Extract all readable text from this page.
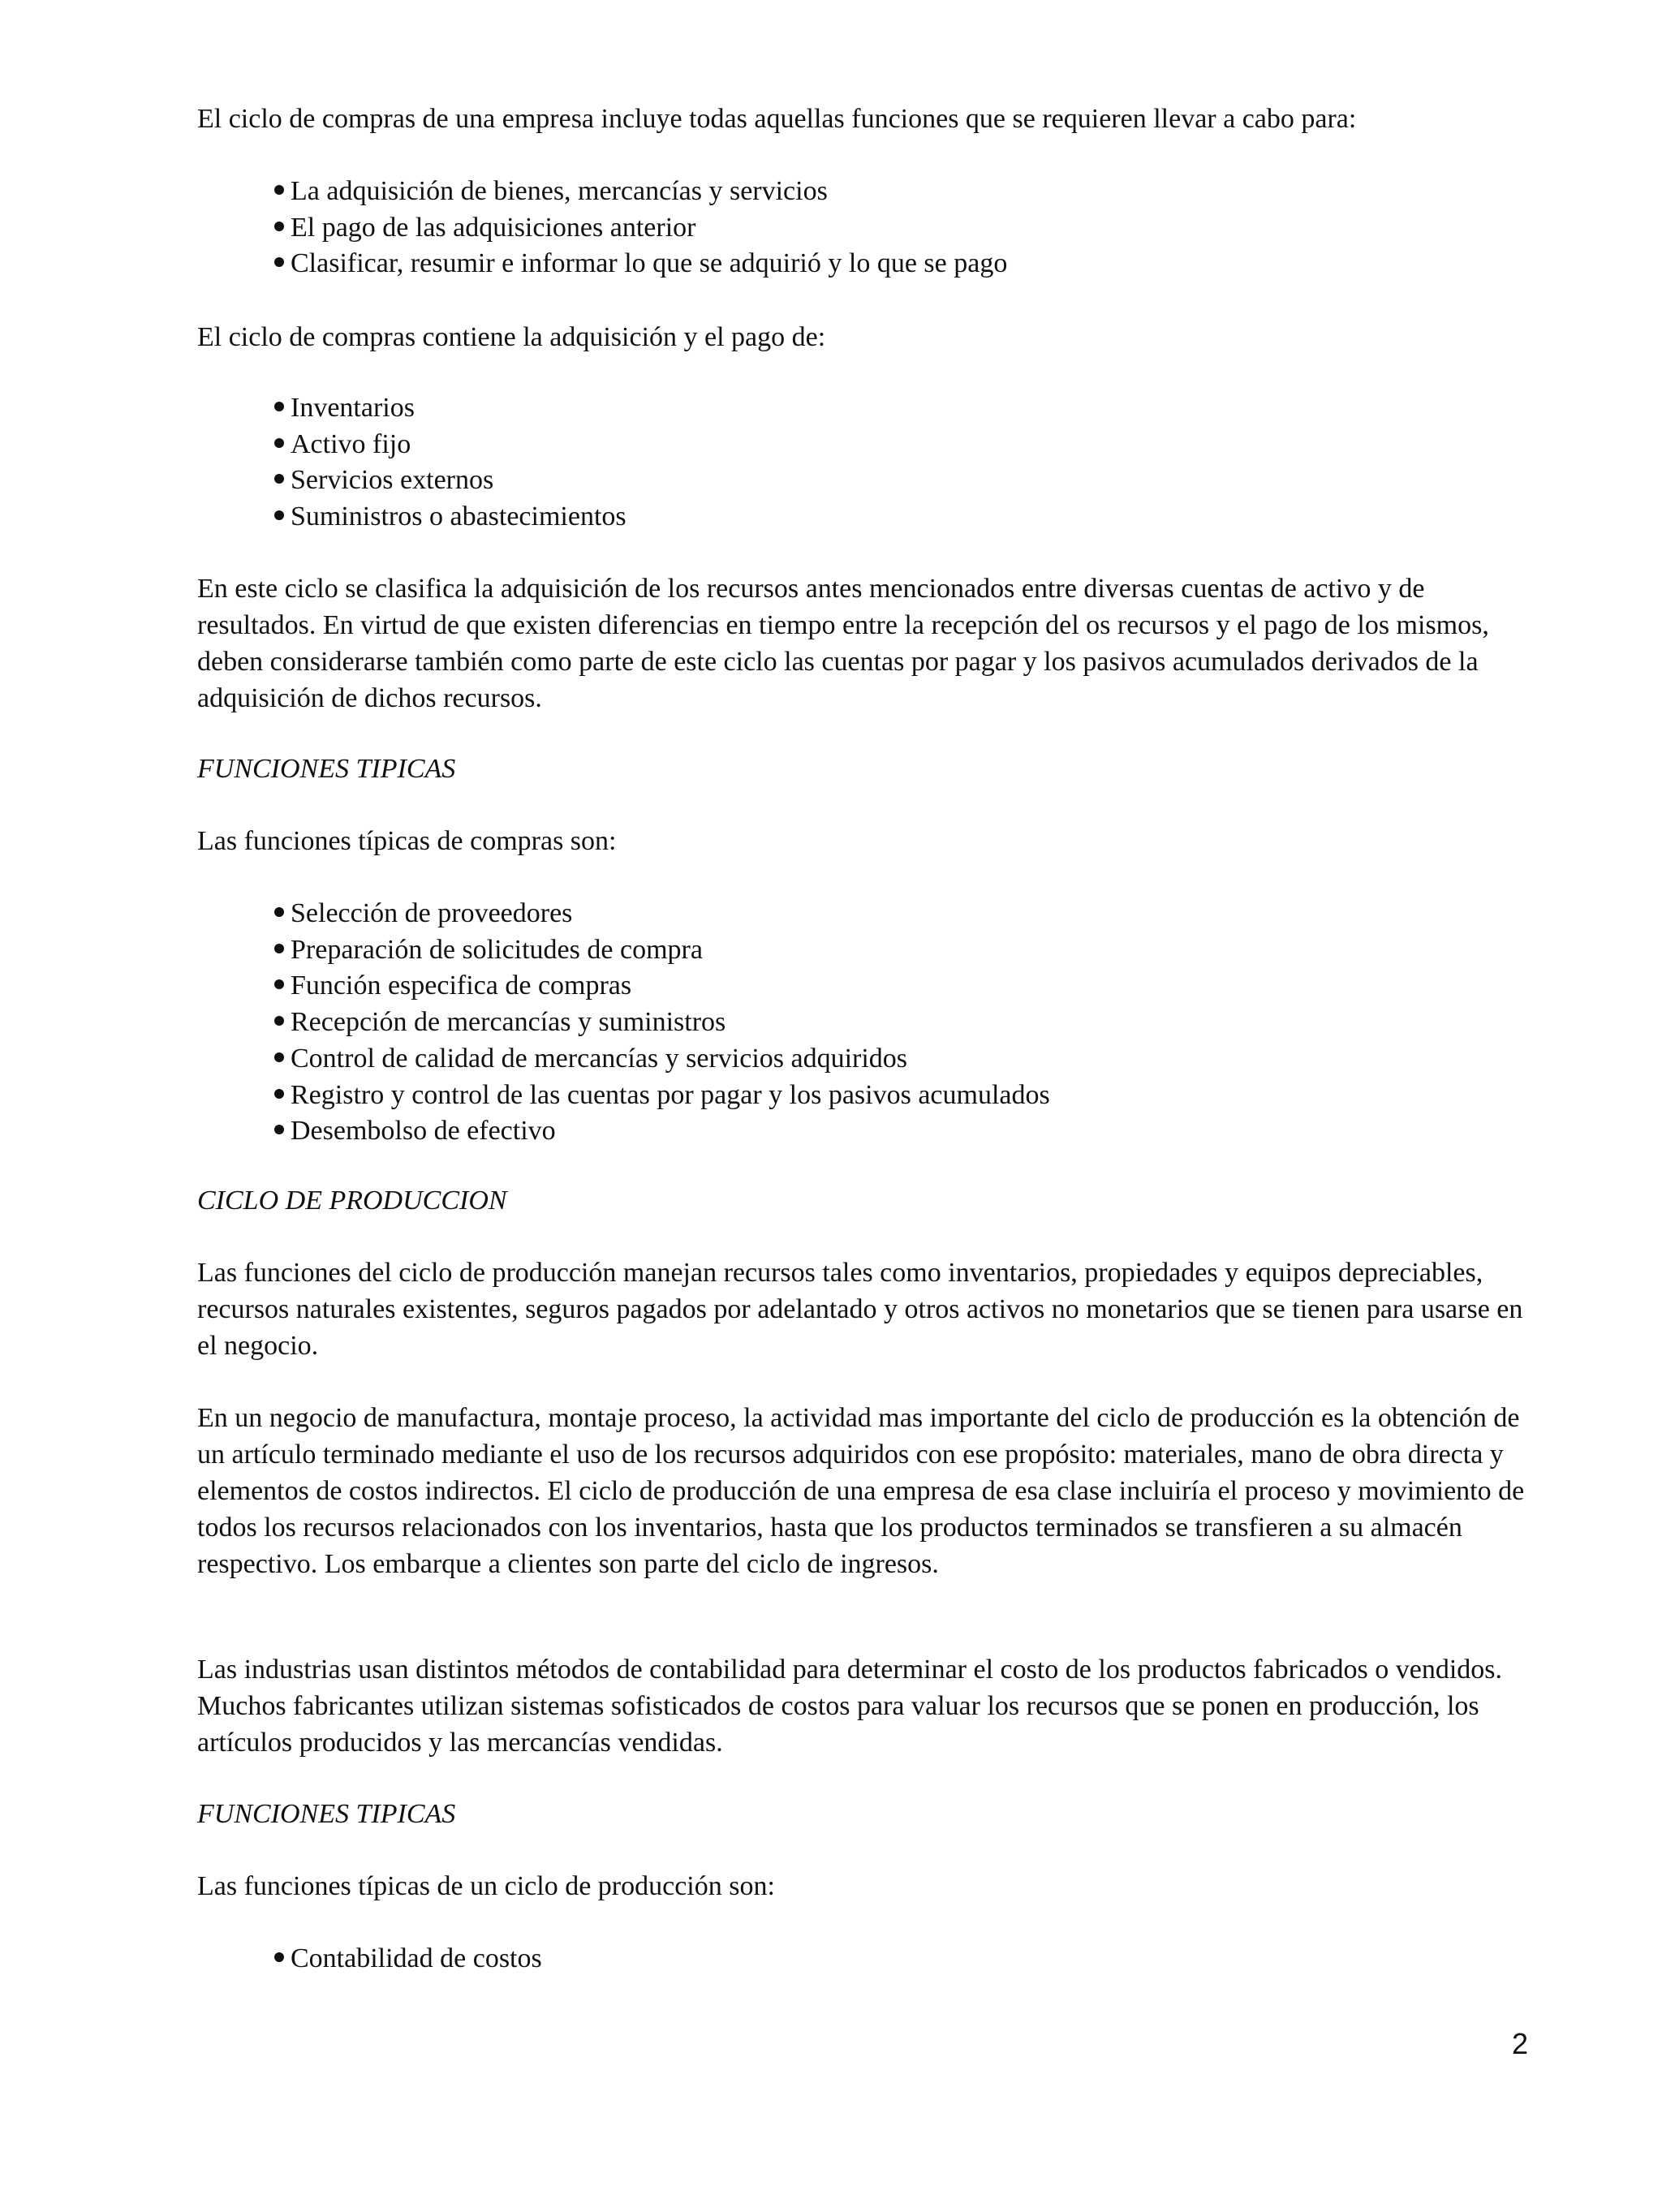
El ciclo de compras de una empresa incluye todas aquellas funciones que se requieren llevar a cabo para:

La adquisición de bienes, mercancías y servicios
El pago de las adquisiciones anterior
Clasificar, resumir e informar lo que se adquirió y lo que se pago

El ciclo de compras contiene la adquisición y el pago de:

Inventarios
Activo fijo
Servicios externos
Suministros o abastecimientos

En este ciclo se clasifica la adquisición de los recursos antes mencionados entre diversas cuentas de activo y de resultados. En virtud de que existen diferencias en tiempo entre la recepción del os recursos y el pago de los mismos, deben considerarse también como parte de este ciclo las cuentas por pagar y los pasivos acumulados derivados de la adquisición de dichos recursos.

FUNCIONES TIPICAS

Las funciones típicas de compras son:

Selección de proveedores
Preparación de solicitudes de compra
Función especifica de compras
Recepción de mercancías y suministros
Control de calidad de mercancías y servicios adquiridos
Registro y control de las cuentas por pagar y los pasivos acumulados
Desembolso de efectivo

CICLO DE PRODUCCION

Las funciones del ciclo de producción manejan recursos tales como inventarios, propiedades y equipos depreciables, recursos naturales existentes, seguros pagados por adelantado y otros activos no monetarios que se tienen para usarse en el negocio.

En un negocio de manufactura, montaje proceso, la actividad mas importante del ciclo de producción es la obtención de un artículo terminado mediante el uso de los recursos adquiridos con ese propósito: materiales, mano de obra directa y elementos de costos indirectos. El ciclo de producción de una empresa de esa clase incluiría el proceso y movimiento de todos los recursos relacionados con los inventarios, hasta que los productos terminados se transfieren a su almacén respectivo. Los embarque a clientes son parte del ciclo de ingresos.

Las industrias usan distintos métodos de contabilidad para determinar el costo de los productos fabricados o vendidos. Muchos fabricantes utilizan sistemas sofisticados de costos para valuar los recursos que se ponen en producción, los artículos producidos y las mercancías vendidas.

FUNCIONES TIPICAS

Las funciones típicas de un ciclo de producción son:

Contabilidad de costos
2
